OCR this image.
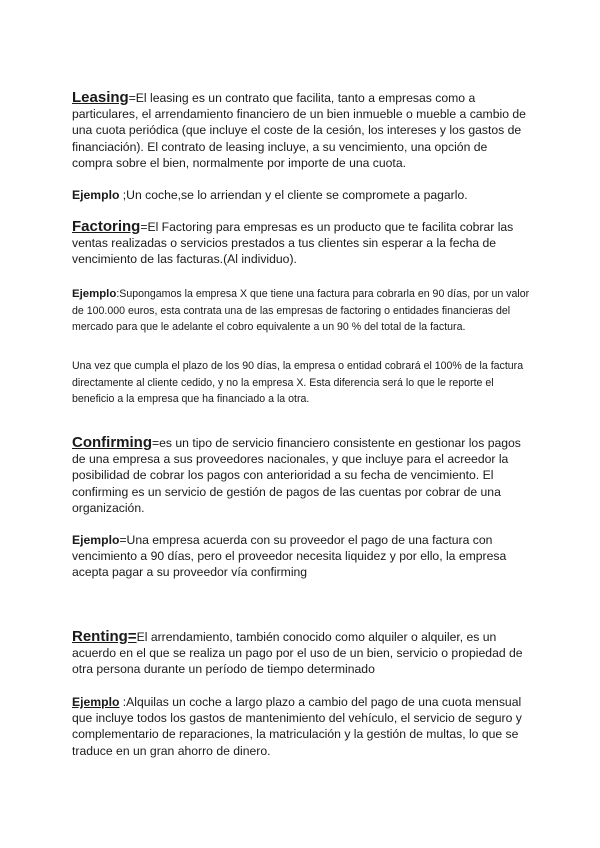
Leasing=El leasing es un contrato que facilita, tanto a empresas como a particulares, el arrendamiento financiero de un bien inmueble o mueble a cambio de una cuota periódica (que incluye el coste de la cesión, los intereses y los gastos de financiación). El contrato de leasing incluye, a su vencimiento, una opción de compra sobre el bien, normalmente por importe de una cuota.

Ejemplo ;Un coche,se lo arriendan y el cliente se compromete a pagarlo.

Factoring=El Factoring para empresas es un producto que te facilita cobrar las ventas realizadas o servicios prestados a tus clientes sin esperar a la fecha de vencimiento de las facturas.(Al individuo).

Ejemplo:Supongamos la empresa X que tiene una factura para cobrarla en 90 días, por un valor de 100.000 euros, esta contrata una de las empresas de factoring o entidades financieras del mercado para que le adelante el cobro equivalente a un 90 % del total de la factura.

Una vez que cumpla el plazo de los 90 días, la empresa o entidad cobrará el 100% de la factura directamente al cliente cedido, y no la empresa X. Esta diferencia será lo que le reporte el beneficio a la empresa que ha financiado a la otra.

Confirming=es un tipo de servicio financiero consistente en gestionar los pagos de una empresa a sus proveedores nacionales, y que incluye para el acreedor la posibilidad de cobrar los pagos con anterioridad a su fecha de vencimiento. El confirming es un servicio de gestión de pagos de las cuentas por cobrar de una organización.

Ejemplo=Una empresa acuerda con su proveedor el pago de una factura con vencimiento a 90 días, pero el proveedor necesita liquidez y por ello, la empresa acepta pagar a su proveedor vía confirming

Renting=El arrendamiento, también conocido como alquiler o alquiler, es un acuerdo en el que se realiza un pago por el uso de un bien, servicio o propiedad de otra persona durante un período de tiempo determinado

Ejemplo :Alquilas un coche a largo plazo a cambio del pago de una cuota mensual que incluye todos los gastos de mantenimiento del vehículo, el servicio de seguro y complementario de reparaciones, la matriculación y la gestión de multas, lo que se traduce en un gran ahorro de dinero.
